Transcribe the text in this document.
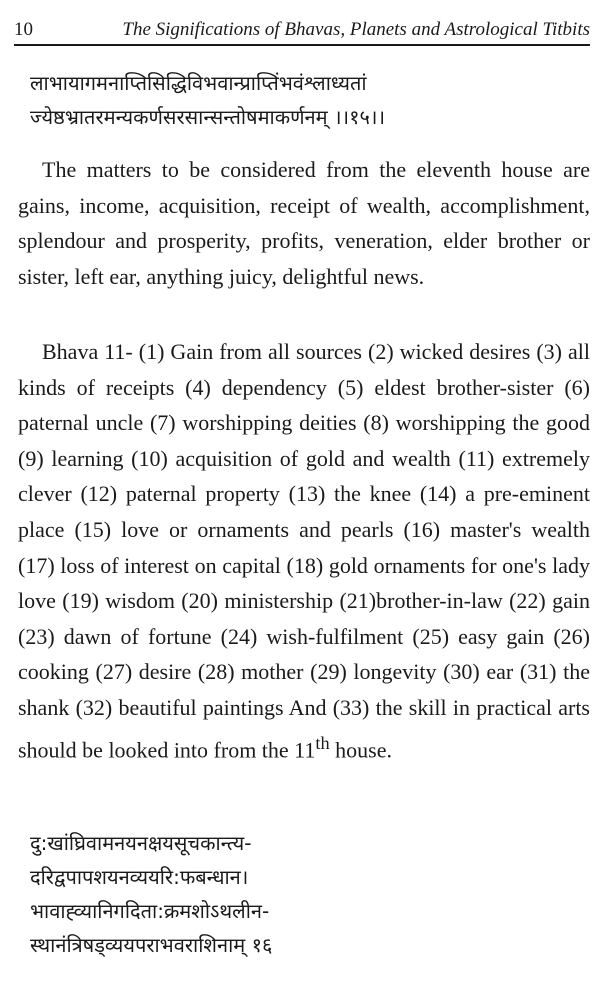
10	The Significations of Bhavas, Planets and Astrological Titbits
लाभायागमनाप्तिसिद्धिविभवान्प्राप्तिंभवंश्लाध्यतां
ज्येष्ठभ्रातरमन्यकर्णसरसान्सन्तोषमाकर्णनम् ।।१५।।

The matters to be considered from the eleventh house are gains, income, acquisition, receipt of wealth, accomplishment, splendour and prosperity, profits, veneration, elder brother or sister, left ear, anything juicy, delightful news.

Bhava 11- (1) Gain from all sources (2) wicked desires (3) all kinds of receipts (4) dependency (5) eldest brother-sister (6) paternal uncle (7) worshipping deities (8) worshipping the good (9) learning (10) acquisition of gold and wealth (11) extremely clever (12) paternal property (13) the knee (14) a pre-eminent place (15) love or ornaments and pearls (16) master's wealth (17) loss of interest on capital (18) gold ornaments for one's lady love (19) wisdom (20) ministership (21)brother-in-law (22) gain (23) dawn of fortune (24) wish-fulfilment (25) easy gain (26) cooking (27) desire (28) mother (29) longevity (30) ear (31) the shank (32) beautiful paintings And (33) the skill in practical arts should be looked into from the 11th house.

दु:खांघ्रिवामनयनक्षयसूचकान्त्य-
दरिद्वपापशयनव्ययरि:फबन्धान।
भावाह्व्यानिगदिता:क्रमशोऽथलीन-
स्थानंत्रिषड्व्ययपराभवराशिनाम् १६
